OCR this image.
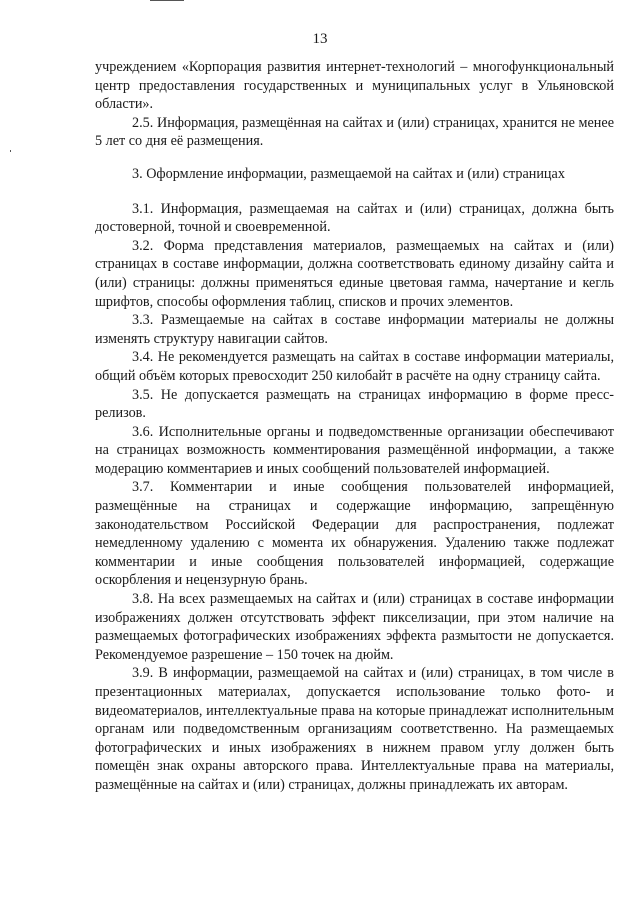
13

учреждением «Корпорация развития интернет-технологий – многофункциональный центр предоставления государственных и муниципальных услуг в Ульяновской области».

2.5. Информация, размещённая на сайтах и (или) страницах, хранится не менее 5 лет со дня её размещения.

3. Оформление информации, размещаемой на сайтах и (или) страницах

3.1. Информация, размещаемая на сайтах и (или) страницах, должна быть достоверной, точной и своевременной.

3.2. Форма представления материалов, размещаемых на сайтах и (или) страницах в составе информации, должна соответствовать единому дизайну сайта и (или) страницы: должны применяться единые цветовая гамма, начертание и кегль шрифтов, способы оформления таблиц, списков и прочих элементов.

3.3. Размещаемые на сайтах в составе информации материалы не должны изменять структуру навигации сайтов.

3.4. Не рекомендуется размещать на сайтах в составе информации материалы, общий объём которых превосходит 250 килобайт в расчёте на одну страницу сайта.

3.5. Не допускается размещать на страницах информацию в форме пресс-релизов.

3.6. Исполнительные органы и подведомственные организации обеспечивают на страницах возможность комментирования размещённой информации, а также модерацию комментариев и иных сообщений пользователей информацией.

3.7. Комментарии и иные сообщения пользователей информацией, размещённые на страницах и содержащие информацию, запрещённую законодательством Российской Федерации для распространения, подлежат немедленному удалению с момента их обнаружения. Удалению также подлежат комментарии и иные сообщения пользователей информацией, содержащие оскорбления и нецензурную брань.

3.8. На всех размещаемых на сайтах и (или) страницах в составе информации изображениях должен отсутствовать эффект пикселизации, при этом наличие на размещаемых фотографических изображениях эффекта размытости не допускается. Рекомендуемое разрешение – 150 точек на дюйм.

3.9. В информации, размещаемой на сайтах и (или) страницах, в том числе в презентационных материалах, допускается использование только фото- и видеоматериалов, интеллектуальные права на которые принадлежат исполнительным органам или подведомственным организациям соответственно. На размещаемых фотографических и иных изображениях в нижнем правом углу должен быть помещён знак охраны авторского права. Интеллектуальные права на материалы, размещённые на сайтах и (или) страницах, должны принадлежать их авторам.
